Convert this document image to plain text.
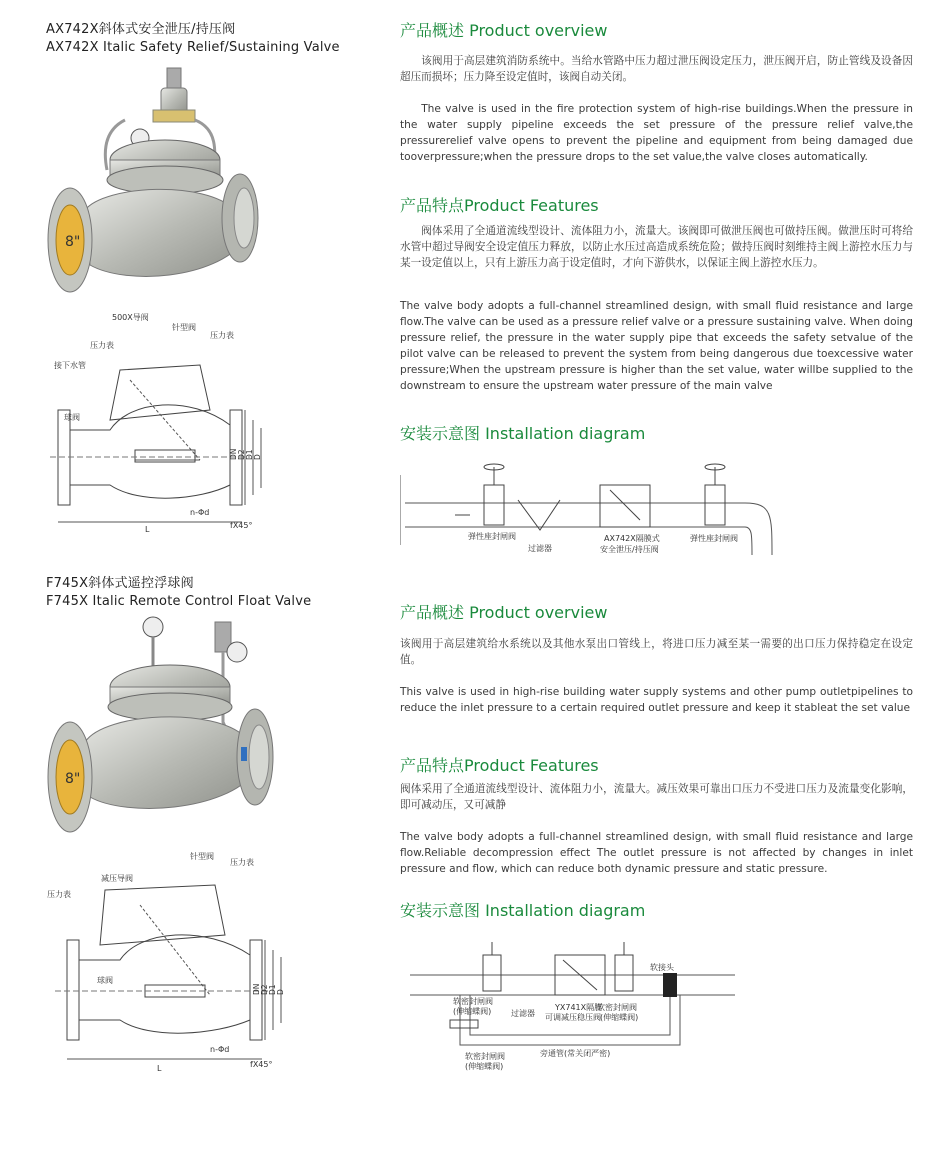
AX742X斜体式安全泄压/持压阀
AX742X Italic Safety Relief/Sustaining Valve
8"
500X导阀
针型阀
压力表
压力表
接下水管
球阀
DN D2 D1 D
n-Φd
fX45°
L
产品概述 Product overview
该阀用于高层建筑消防系统中。当给水管路中压力超过泄压阀设定压力，泄压阀开启，防止管线及设备因超压而损坏；压力降至设定值时，该阀自动关闭。
The valve is used in the fire protection system of high-rise buildings.When the pressure in the water supply pipeline exceeds the set pressure of the pressure relief valve,the pressurerelief valve opens to prevent the pipeline and equipment from being damaged due tooverpressure;when the pressure drops to the set value,the valve closes automatically.
产品特点Product Features
阀体采用了全通道流线型设计、流体阻力小，流量大。该阀即可做泄压阀也可做持压阀。做泄压时可将给水管中超过导阀安全设定值压力释放，以防止水压过高造成系统危险；做持压阀时刻维持主阀上游控水压力与某一设定值以上，只有上游压力高于设定值时，才向下游供水，以保证主阀上游控水压力。
The valve body adopts a full-channel streamlined design, with small fluid resistance and large flow.The valve can be used as a pressure relief valve or a pressure sustaining valve. When doing pressure relief, the pressure in the water supply pipe that exceeds the safety setvalue of the pilot valve can be released to prevent the system from being dangerous due toexcessive water pressure;When the upstream pressure is higher than the set value, water willbe supplied to the downstream to ensure the upstream water pressure of the main valve
安装示意图 Installation diagram
弹性座封闸阀
过滤器
AX742X隔膜式
安全泄压/持压阀
弹性座封闸阀
F745X斜体式遥控浮球阀
F745X Italic Remote Control Float Valve
8"
针型阀
压力表
减压导阀
压力表
球阀
DN D2 D1 D
n-Φd
fX45°
L
产品概述 Product overview
该阀用于高层建筑给水系统以及其他水泵出口管线上，将进口压力减至某一需要的出口压力保持稳定在设定值。
This valve is used in high-rise building water supply systems and other pump outletpipelines to reduce the inlet pressure to a certain required outlet pressure and keep it stableat the set value
产品特点Product Features
阀体采用了全通道流线型设计、流体阻力小，流量大。减压效果可靠出口压力不受进口压力及流量变化影响，即可减动压，又可减静
The valve body adopts a full-channel streamlined design, with small fluid resistance and large flow.Reliable decompression effect The outlet pressure is not affected by changes in inlet pressure and flow, which can reduce both dynamic pressure and static pressure.
安装示意图 Installation diagram
软接头
软密封闸阀
(伸缩蝶阀) 过滤器
YX741X隔膜
可调减压稳压阀
软密封闸阀
(伸缩蝶阀)
软密封闸阀
(伸缩蝶阀)
旁通管(常关闭严密)
